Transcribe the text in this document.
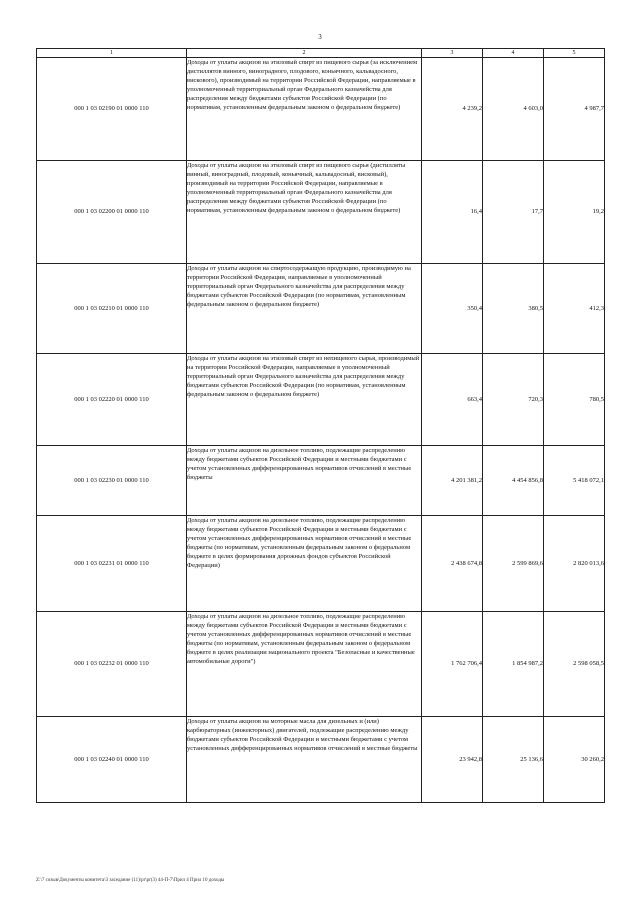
3
1	2	3	4	5
000 1 03 02190 01 0000 110	Доходы от уплаты акцизов на этиловый спирт из пищевого сырья (за исключением дистиллятов винного, виноградного, плодового, коньячного, кальвадосного, вискового), производимый на территории Российской Федерации, направляемые в уполномоченный территориальный орган Федерального казначейства для распределения между бюджетами субъектов Российской Федерации (по нормативам, установленным федеральным законом о федеральном бюджете)	4 239,2	4 603,0	4 987,7
000 1 03 02200 01 0000 110	Доходы от уплаты акцизов на этиловый спирт из пищевого сырья (дистилляты винный, виноградный, плодовый, коньячный, кальвадосный, висковый), производимый на территории Российской Федерации, направляемые в уполномоченный территориальный орган Федерального казначейства для распределения между бюджетами субъектов Российской Федерации (по нормативам, установленным федеральным законом о федеральном бюджете)	16,4	17,7	19,2
000 1 03 02210 01 0000 110	Доходы от уплаты акцизов на спиртосодержащую продукцию, производимую на территории Российской Федерации, направляемые в уполномоченный территориальный орган Федерального казначейства для распределения между бюджетами субъектов Российской Федерации (по нормативам, установленным федеральным законом о федеральном бюджете)	350,4	380,5	412,3
000 1 03 02220 01 0000 110	Доходы от уплаты акцизов на этиловый спирт из непищевого сырья, производимый на территории Российской Федерации, направляемые в уполномоченный территориальный орган Федерального казначейства для распределения между бюджетами субъектов Российской Федерации (по нормативам, установленным федеральным законом о федеральном бюджете)	663,4	720,3	780,5
000 1 03 02230 01 0000 110	Доходы от уплаты акцизов на дизельное топливо, подлежащие распределению между бюджетами субъектов Российской Федерации и местными бюджетами с учетом установленных дифференцированных нормативов отчислений в местные бюджеты	4 201 381,2	4 454 856,8	5 418 072,1
000 1 03 02231 01 0000 110	Доходы от уплаты акцизов на дизельное топливо, подлежащие распределению между бюджетами субъектов Российской Федерации и местными бюджетами с учетом установленных дифференцированных нормативов отчислений в местные бюджеты (по нормативам, установленным федеральным законом о федеральном бюджете в целях формирования дорожных фондов субъектов Российской Федерации)	2 438 674,8	2 599 869,6	2 820 013,6
000 1 03 02232 01 0000 110	Доходы от уплаты акцизов на дизельное топливо, подлежащие распределению между бюджетами субъектов Российской Федерации и местными бюджетами с учетом установленных дифференцированных нормативов отчислений в местные бюджеты (по нормативам, установленным федеральным законом о федеральном бюджете в целях реализации национального проекта "Безопасные и качественные автомобильные дороги")	1 762 706,4	1 854 987,2	2 598 058,5
000 1 03 02240 01 0000 110	Доходы от уплаты акцизов на моторные масла для дизельных и (или) карбюраторных (инжекторных) двигателей, подлежащие распределению между бюджетами субъектов Российской Федерации и местными бюджетами с учетом установленных дифференцированных нормативов отчислений в местные бюджеты	23 942,8	25 136,6	30 260,2
Z:\7 созыв\Документы комитета\3 заседание (11)\pr\pr(3) 44-П-7\Прил 4 Прил 10 доходы
